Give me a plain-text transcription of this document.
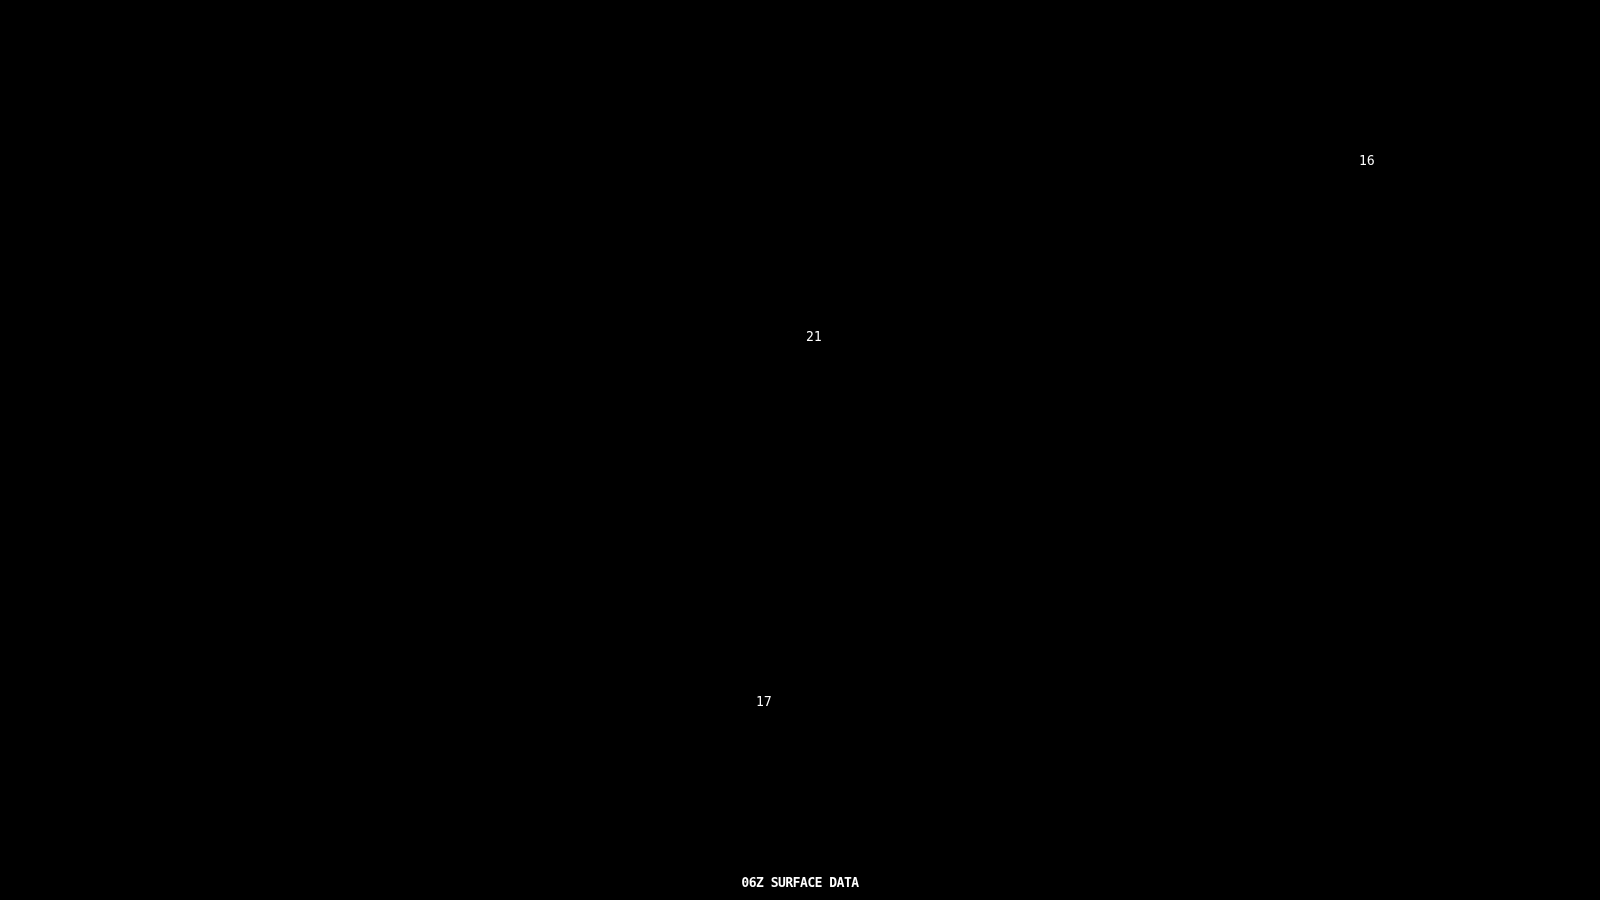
16
21
17
06Z SURFACE DATA
